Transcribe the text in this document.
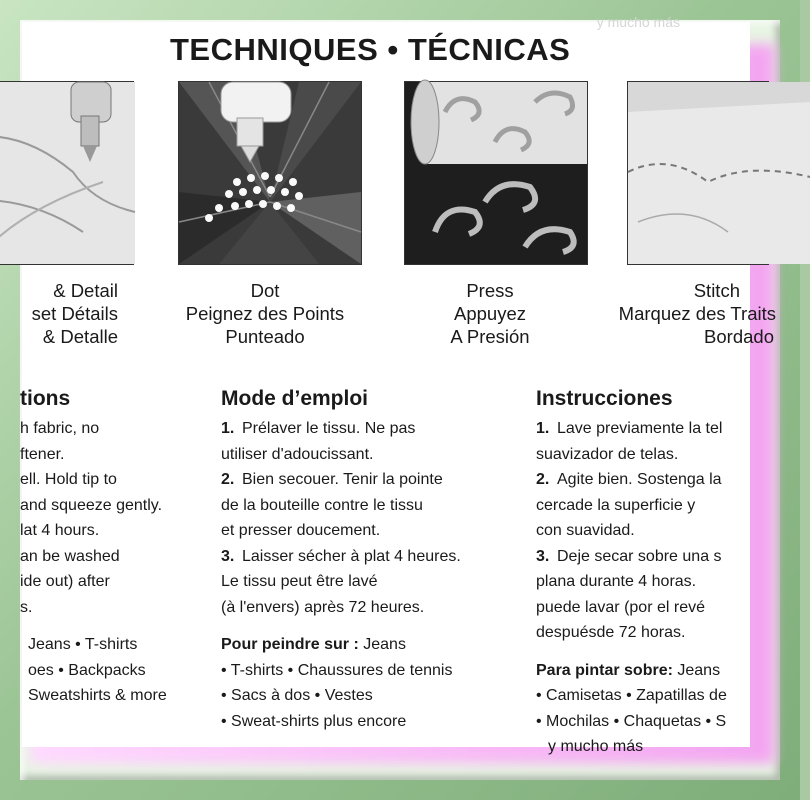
y mucho más
TECHNIQUES • TÉCNICAS
& Detail
set Détails
& Detalle
Dot
Peignez des Points
Punteado
Press
Appuyez
A Presión
Stitch
Marquez des Traits
Bordado
tions
h fabric, no
ftener.
ell. Hold tip to
and squeeze gently.
lat 4 hours.
an be washed
ide out) after
s.
Jeans • T-shirts
oes • Backpacks
Sweatshirts & more
Mode d’emploi
1. Prélaver le tissu. Ne pas
utiliser d'adoucissant.
2. Bien secouer. Tenir la pointe
de la bouteille contre le tissu
et presser doucement.
3. Laisser sécher à plat 4 heures.
Le tissu peut être lavé
(à l'envers) après 72 heures.
Pour peindre sur : Jeans
• T-shirts • Chaussures de tennis
• Sacs à dos • Vestes
• Sweat-shirts plus encore
Instrucciones
1. Lave previamente la tel
suavizador de telas.
2. Agite bien. Sostenga la
cercade la superficie y
con suavidad.
3. Deje secar sobre una s
plana durante 4 horas.
puede lavar (por el revé
despuésde 72 horas.
Para pintar sobre: Jeans
• Camisetas • Zapatillas de
• Mochilas • Chaquetas • S
y mucho más
